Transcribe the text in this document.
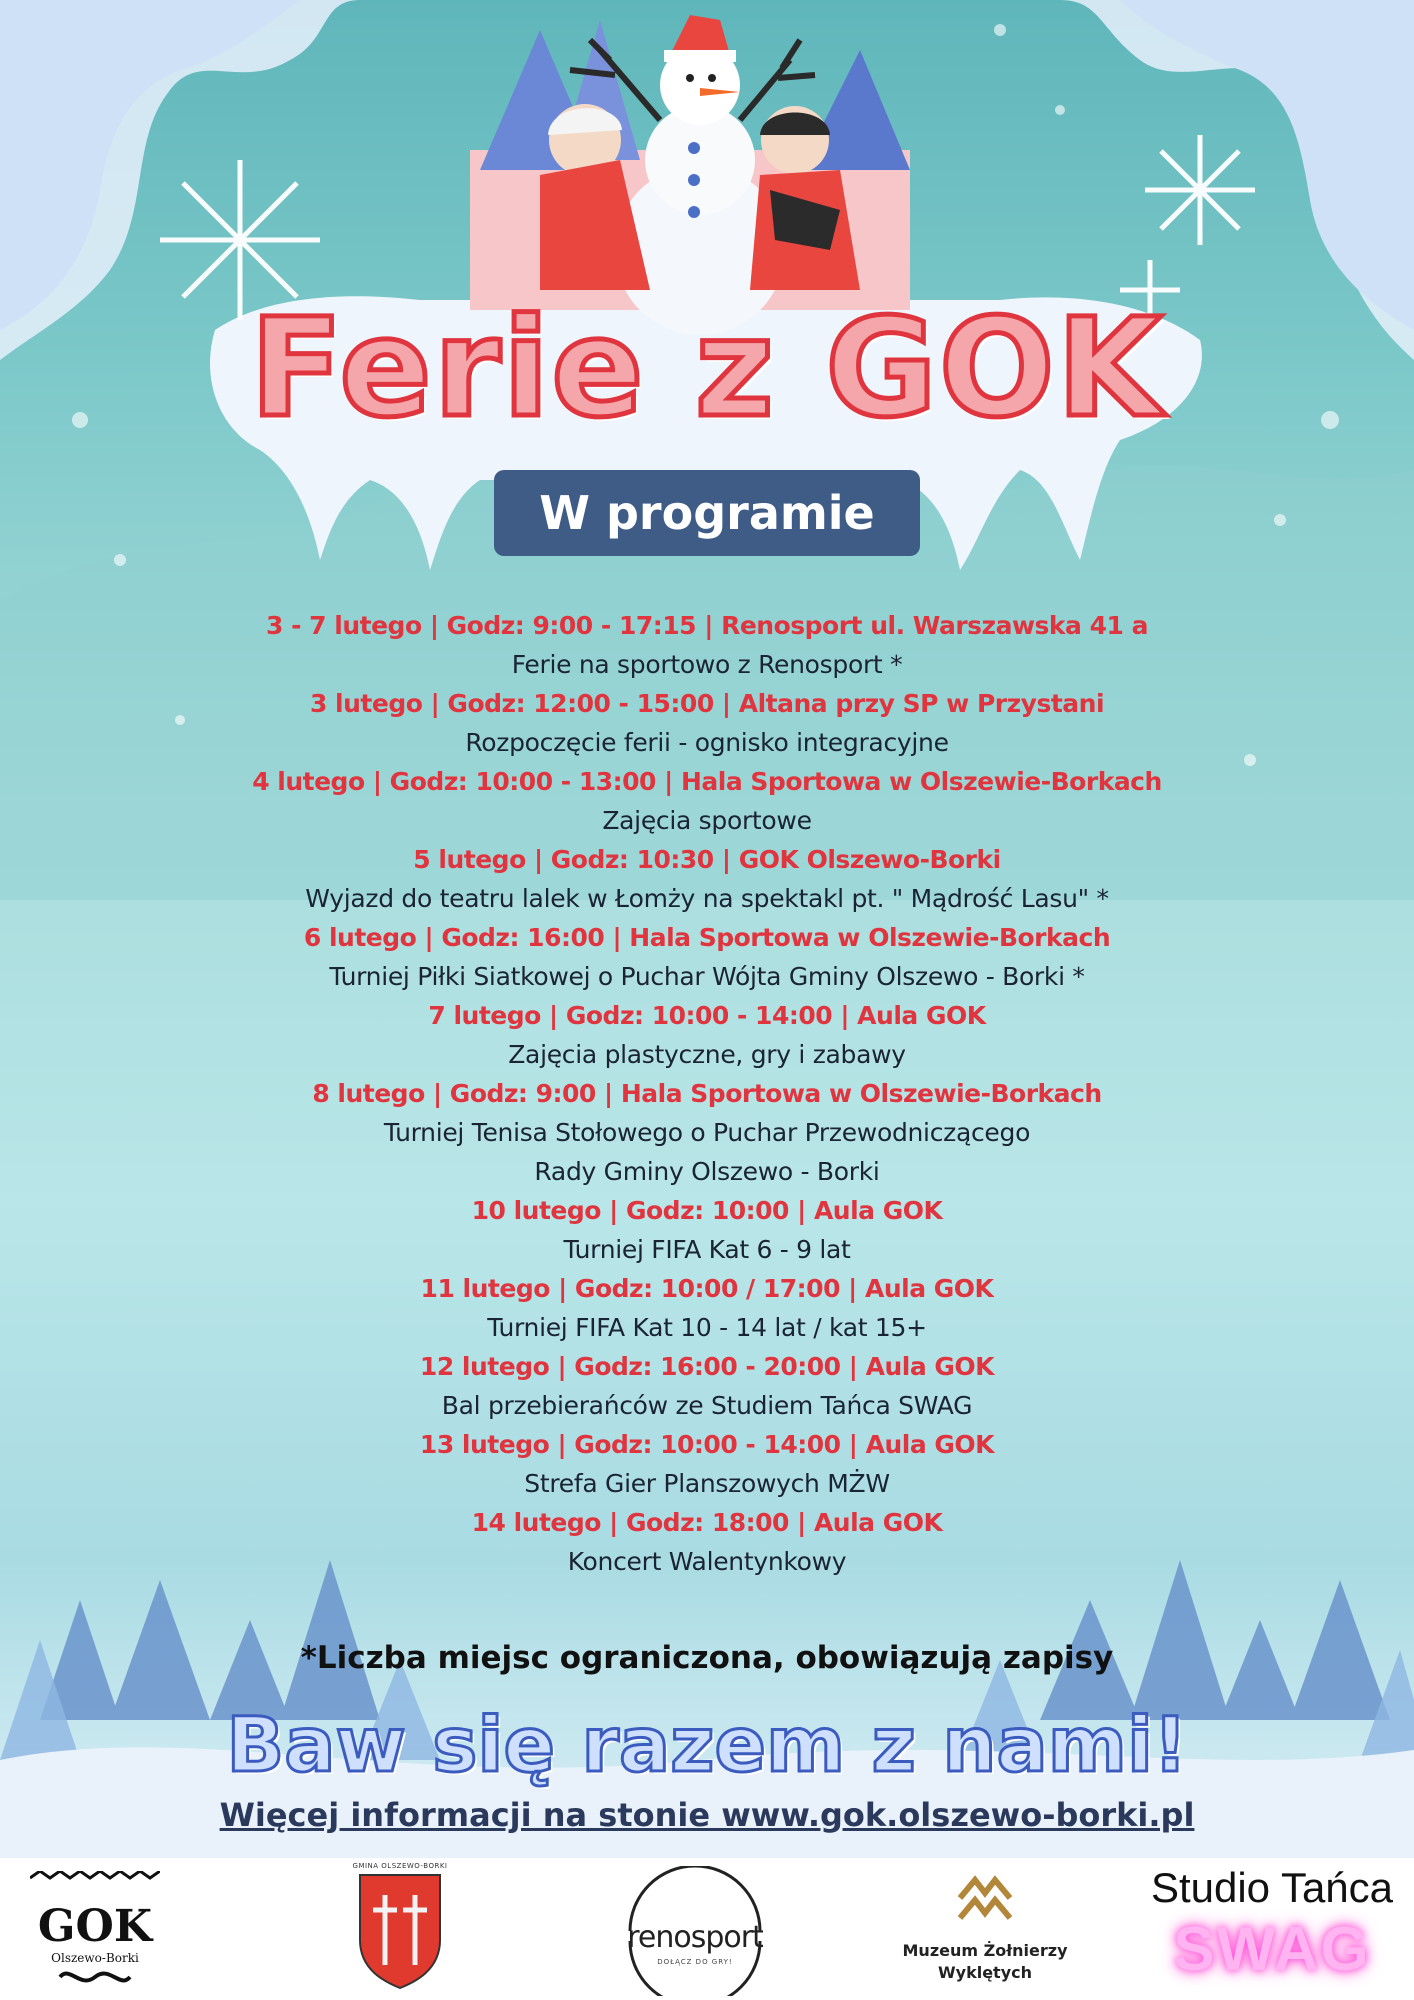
Ferie z GOK
W programie
3 - 7 lutego | Godz: 9:00 - 17:15 | Renosport ul. Warszawska 41 a
Ferie na sportowo z Renosport *
3 lutego | Godz: 12:00 - 15:00 | Altana przy SP w Przystani
Rozpoczęcie ferii - ognisko integracyjne
4 lutego | Godz: 10:00 - 13:00 | Hala Sportowa w Olszewie-Borkach
Zajęcia sportowe
5 lutego | Godz: 10:30 | GOK Olszewo-Borki
Wyjazd do teatru lalek w Łomży na spektakl pt. " Mądrość Lasu" *
6 lutego | Godz: 16:00 | Hala Sportowa w Olszewie-Borkach
Turniej Piłki Siatkowej o Puchar Wójta Gminy Olszewo - Borki *
7 lutego | Godz: 10:00 - 14:00 | Aula GOK
Zajęcia plastyczne, gry i zabawy
8 lutego | Godz: 9:00 | Hala Sportowa w Olszewie-Borkach
Turniej Tenisa Stołowego o Puchar Przewodniczącego
Rady Gminy Olszewo - Borki
10 lutego | Godz: 10:00 | Aula GOK
Turniej FIFA Kat 6 - 9 lat
11 lutego | Godz: 10:00 / 17:00 | Aula GOK
Turniej FIFA Kat 10 - 14 lat / kat 15+
12 lutego | Godz: 16:00 - 20:00 | Aula GOK
Bal przebierańców ze Studiem Tańca SWAG
13 lutego | Godz: 10:00 - 14:00 | Aula GOK
Strefa Gier Planszowych MŻW
14 lutego | Godz: 18:00 | Aula GOK
Koncert Walentynkowy
*Liczba miejsc ograniczona, obowiązują zapisy
Baw się razem z nami!
Więcej informacji na stonie www.gok.olszewo-borki.pl
GOK
Olszewo-Borki
GMINA OLSZEWO-BORKI
renosport
DOŁĄCZ DO GRY!
Muzeum Żołnierzy
Wyklętych
Studio Tańca
SWAG
